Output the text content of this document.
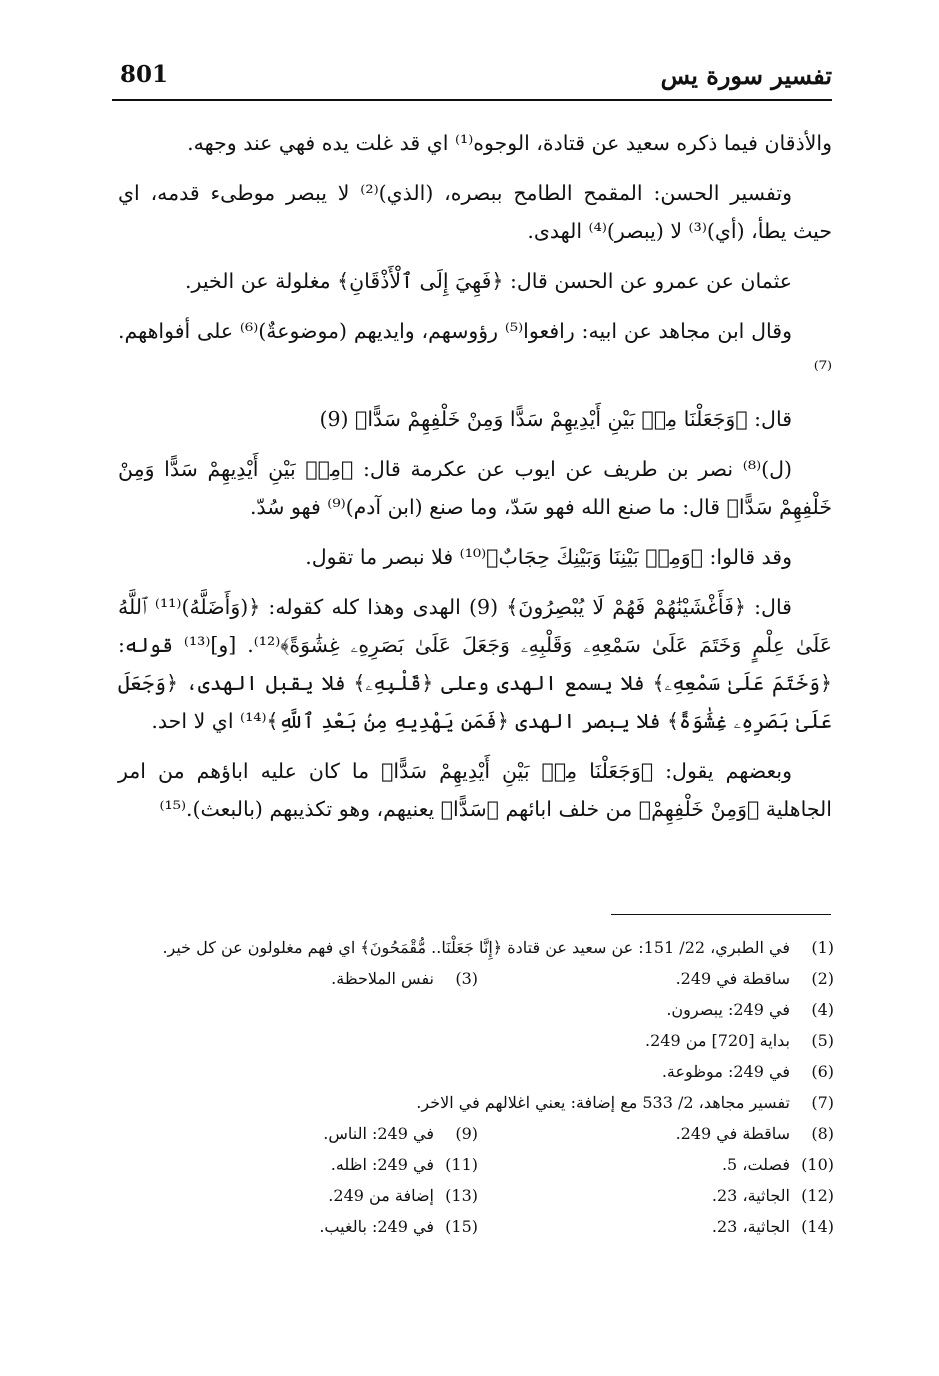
تفسير سورة يس
801

والأذقان فيما ذكره سعيد عن قتادة، الوجوه⁽¹⁾ اي قد غلت يده فهي عند وجهه.

وتفسير الحسن: المقمح الطامح ببصره، (الذي)⁽²⁾ لا يبصر موطىء قدمه، اي حيث يطأ، (أي)⁽³⁾ لا (يبصر)⁽⁴⁾ الهدى.

عثمان عن عمرو عن الحسن قال: ﴿فَهِيَ إِلَى ٱلْأَذْقَانِ﴾ مغلولة عن الخير.

وقال ابن مجاهد عن ابيه: رافعوا⁽⁵⁾ رؤوسهم، وايديهم (موضوعةٌ)⁽⁶⁾ على أفواههم.⁽⁷⁾

قال: ﴿وَجَعَلْنَا مِنۢ بَيْنِ أَيْدِيهِمْ سَدًّا وَمِنْ خَلْفِهِمْ سَدًّا﴾ (9)

(ل)⁽⁸⁾ نصر بن طريف عن ايوب عن عكرمة قال: ﴿مِنۢ بَيْنِ أَيْدِيهِمْ سَدًّا وَمِنْ خَلْفِهِمْ سَدًّا﴾ قال: ما صنع الله فهو سَدّ، وما صنع (ابن آدم)⁽⁹⁾ فهو سُدّ.

وقد قالوا: ﴿وَمِنۢ بَيْنِنَا وَبَيْنِكَ حِجَابٌ﴾⁽¹⁰⁾ فلا نبصر ما تقول.

قال: ﴿فَأَغْشَيْنَٰهُمْ فَهُمْ لَا يُبْصِرُونَ﴾ (9) الهدى وهذا كله كقوله: ﴿(وَأَضَلَّهُ)⁽¹¹⁾ ٱللَّهُ عَلَىٰ عِلْمٍ وَخَتَمَ عَلَىٰ سَمْعِهِۦ وَقَلْبِهِۦ وَجَعَلَ عَلَىٰ بَصَرِهِۦ غِشَٰوَةً﴾⁽¹²⁾. [و]⁽¹³⁾ قوله: ﴿وَخَتَمَ عَلَىٰ سَمْعِهِۦ﴾ فلا يسمع الهدى وعلى ﴿قَلْبِهِۦ﴾ فلا يقبل الهدى، ﴿وَجَعَلَ عَلَىٰ بَصَرِهِۦ غِشَٰوَةً﴾ فلا يبصر الهدى ﴿فَمَن يَهْدِيهِ مِنۢ بَعْدِ ٱللَّهِ﴾⁽¹⁴⁾ اي لا احد.

وبعضهم يقول: ﴿وَجَعَلْنَا مِنۢ بَيْنِ أَيْدِيهِمْ سَدًّا﴾ ما كان عليه اباؤهم من امر الجاهلية ﴿وَمِنْ خَلْفِهِمْ﴾ من خلف ابائهم ﴿سَدًّا﴾ يعنيهم، وهو تكذيبهم (بالبعث).⁽¹⁵⁾

(1)
في الطبري، 22/ 151: عن سعيد عن قتادة ﴿إِنَّا جَعَلْنَا.. مُّقْمَحُونَ﴾ اي فهم مغلولون عن كل خير.
(2)
ساقطة في 249.
(3)
نفس الملاحظة.
(4)
في 249: يبصرون.
(5)
بداية [720] من 249.
(6)
في 249: موظوعة.
(7)
تفسير مجاهد، 2/ 533 مع إضافة: يعني اغلالهم في الاخر.
(8)
ساقطة في 249.
(9)
في 249: الناس.
(10)
فصلت، 5.
(11)
في 249: اظله.
(12)
الجاثية، 23.
(13)
إضافة من 249.
(14)
الجاثية، 23.
(15)
في 249: بالغيب.
